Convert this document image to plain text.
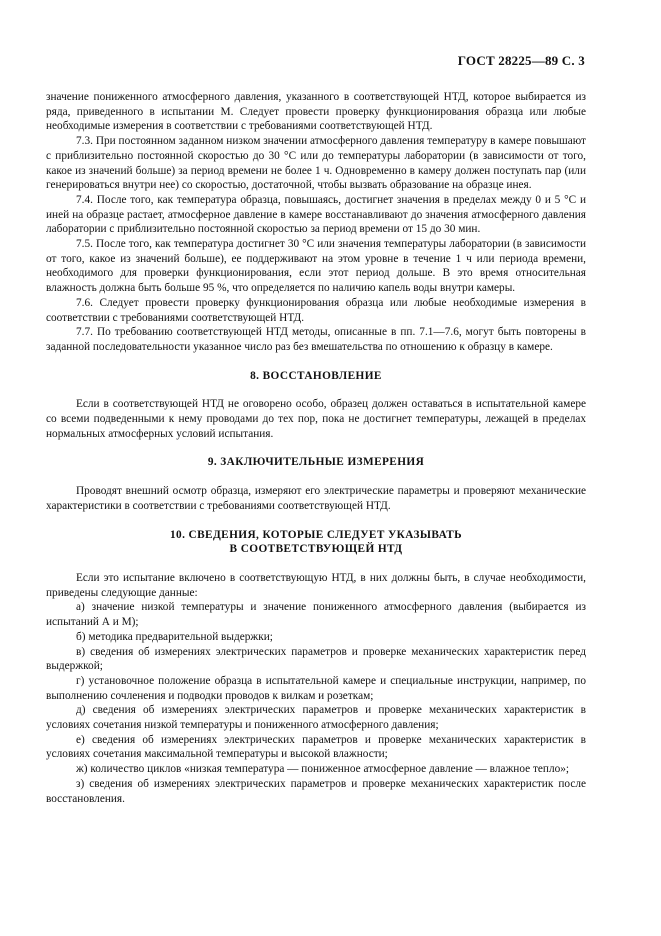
ГОСТ 28225—89 С. 3

значение пониженного атмосферного давления, указанного в соответствующей НТД, которое выбирается из ряда, приведенного в испытании М. Следует провести проверку функционирования образца или любые необходимые измерения в соответствии с требованиями соответствующей НТД.

7.3. При постоянном заданном низком значении атмосферного давления температуру в камере повышают с приблизительно постоянной скоростью до 30 °С или до температуры лаборатории (в зависимости от того, какое из значений больше) за период времени не более 1 ч. Одновременно в камеру должен поступать пар (или генерироваться внутри нее) со скоростью, достаточной, чтобы вызвать образование на образце инея.

7.4. После того, как температура образца, повышаясь, достигнет значения в пределах между 0 и 5 °С и иней на образце растает, атмосферное давление в камере восстанавливают до значения атмосферного давления лаборатории с приблизительно постоянной скоростью за период времени от 15 до 30 мин.

7.5. После того, как температура достигнет 30 °С или значения температуры лаборатории (в зависимости от того, какое из значений больше), ее поддерживают на этом уровне в течение 1 ч или периода времени, необходимого для проверки функционирования, если этот период дольше. В это время относительная влажность должна быть больше 95 %, что определяется по наличию капель воды внутри камеры.

7.6. Следует провести проверку функционирования образца или любые необходимые измерения в соответствии с требованиями соответствующей НТД.

7.7. По требованию соответствующей НТД методы, описанные в пп. 7.1—7.6, могут быть повторены в заданной последовательности указанное число раз без вмешательства по отношению к образцу в камере.

8. ВОССТАНОВЛЕНИЕ

Если в соответствующей НТД не оговорено особо, образец должен оставаться в испытательной камере со всеми подведенными к нему проводами до тех пор, пока не достигнет температуры, лежащей в пределах нормальных атмосферных условий испытания.

9. ЗАКЛЮЧИТЕЛЬНЫЕ ИЗМЕРЕНИЯ

Проводят внешний осмотр образца, измеряют его электрические параметры и проверяют механические характеристики в соответствии с требованиями соответствующей НТД.

10. СВЕДЕНИЯ, КОТОРЫЕ СЛЕДУЕТ УКАЗЫВАТЬ
В СООТВЕТСТВУЮЩЕЙ НТД

Если это испытание включено в соответствующую НТД, в них должны быть, в случае необходимости, приведены следующие данные:

а) значение низкой температуры и значение пониженного атмосферного давления (выбирается из испытаний А и М);

б) методика предварительной выдержки;

в) сведения об измерениях электрических параметров и проверке механических характеристик перед выдержкой;

г) установочное положение образца в испытательной камере и специальные инструкции, например, по выполнению сочленения и подводки проводов к вилкам и розеткам;

д) сведения об измерениях электрических параметров и проверке механических характеристик в условиях сочетания низкой температуры и пониженного атмосферного давления;

е) сведения об измерениях электрических параметров и проверке механических характеристик в условиях сочетания максимальной температуры и высокой влажности;

ж) количество циклов «низкая температура — пониженное атмосферное давление — влажное тепло»;

з) сведения об измерениях электрических параметров и проверке механических характеристик после восстановления.
